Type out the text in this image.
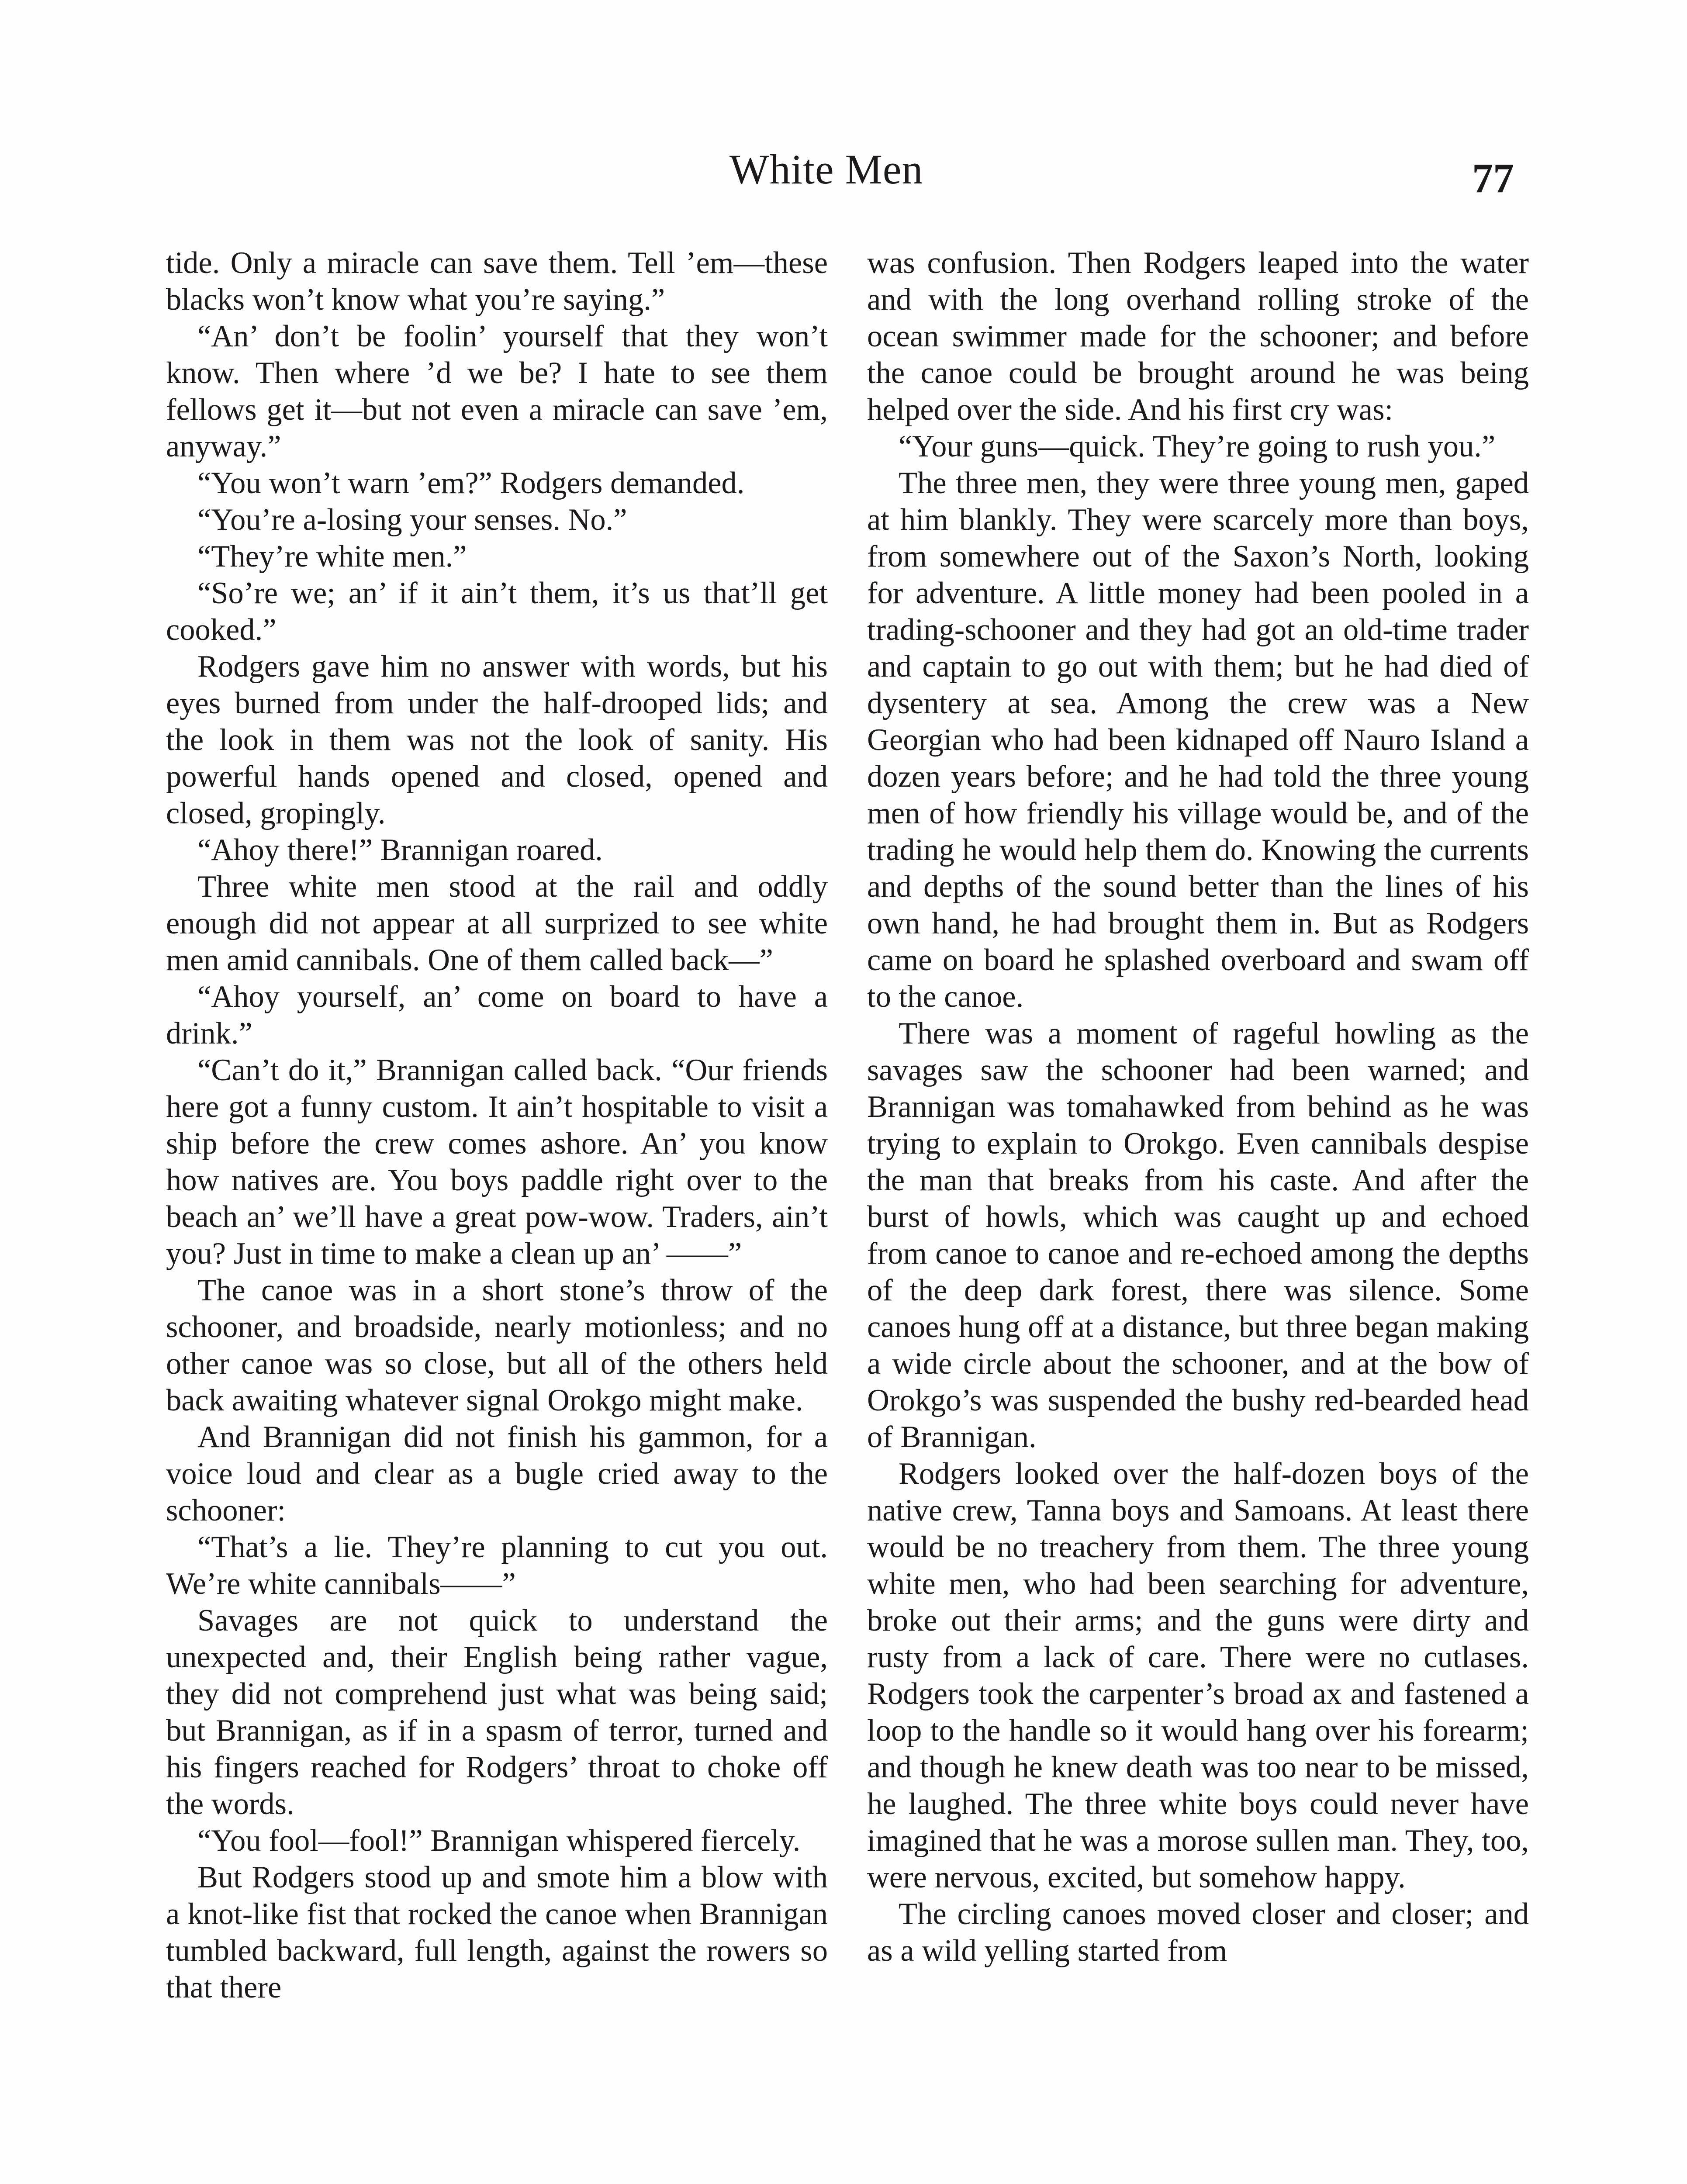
White Men	77

tide. Only a miracle can save them. Tell ’em—these blacks won’t know what you’re saying.”

“An’ don’t be foolin’ yourself that they won’t know. Then where ’d we be? I hate to see them fellows get it—but not even a miracle can save ’em, anyway.”

“You won’t warn ’em?” Rodgers demanded.

“You’re a-losing your senses. No.”

“They’re white men.”

“So’re we; an’ if it ain’t them, it’s us that’ll get cooked.”

Rodgers gave him no answer with words, but his eyes burned from under the half-drooped lids; and the look in them was not the look of sanity. His powerful hands opened and closed, opened and closed, gropingly.

“Ahoy there!” Brannigan roared.

Three white men stood at the rail and oddly enough did not appear at all surprized to see white men amid cannibals. One of them called back—”

“Ahoy yourself, an’ come on board to have a drink.”

“Can’t do it,” Brannigan called back. “Our friends here got a funny custom. It ain’t hospitable to visit a ship before the crew comes ashore. An’ you know how natives are. You boys paddle right over to the beach an’ we’ll have a great pow-wow. Traders, ain’t you? Just in time to make a clean up an’ ——”

The canoe was in a short stone’s throw of the schooner, and broadside, nearly motionless; and no other canoe was so close, but all of the others held back awaiting whatever signal Orokgo might make.

And Brannigan did not finish his gammon, for a voice loud and clear as a bugle cried away to the schooner:

“That’s a lie. They’re planning to cut you out. We’re white cannibals——”

Savages are not quick to understand the unexpected and, their English being rather vague, they did not comprehend just what was being said; but Brannigan, as if in a spasm of terror, turned and his fingers reached for Rodgers’ throat to choke off the words.

“You fool—fool!” Brannigan whispered fiercely.

But Rodgers stood up and smote him a blow with a knot-like fist that rocked the canoe when Brannigan tumbled backward, full length, against the rowers so that there

was confusion. Then Rodgers leaped into the water and with the long overhand rolling stroke of the ocean swimmer made for the schooner; and before the canoe could be brought around he was being helped over the side. And his first cry was:

“Your guns—quick. They’re going to rush you.”

The three men, they were three young men, gaped at him blankly. They were scarcely more than boys, from somewhere out of the Saxon’s North, looking for adventure. A little money had been pooled in a trading-schooner and they had got an old-time trader and captain to go out with them; but he had died of dysentery at sea. Among the crew was a New Georgian who had been kidnaped off Nauro Island a dozen years before; and he had told the three young men of how friendly his village would be, and of the trading he would help them do. Knowing the currents and depths of the sound better than the lines of his own hand, he had brought them in. But as Rodgers came on board he splashed overboard and swam off to the canoe.

There was a moment of rageful howling as the savages saw the schooner had been warned; and Brannigan was tomahawked from behind as he was trying to explain to Orokgo. Even cannibals despise the man that breaks from his caste. And after the burst of howls, which was caught up and echoed from canoe to canoe and re-echoed among the depths of the deep dark forest, there was silence. Some canoes hung off at a distance, but three began making a wide circle about the schooner, and at the bow of Orokgo’s was suspended the bushy red-bearded head of Brannigan.

Rodgers looked over the half-dozen boys of the native crew, Tanna boys and Samoans. At least there would be no treachery from them. The three young white men, who had been searching for adventure, broke out their arms; and the guns were dirty and rusty from a lack of care. There were no cutlases. Rodgers took the carpenter’s broad ax and fastened a loop to the handle so it would hang over his forearm; and though he knew death was too near to be missed, he laughed. The three white boys could never have imagined that he was a morose sullen man. They, too, were nervous, excited, but somehow happy.

The circling canoes moved closer and closer; and as a wild yelling started from
